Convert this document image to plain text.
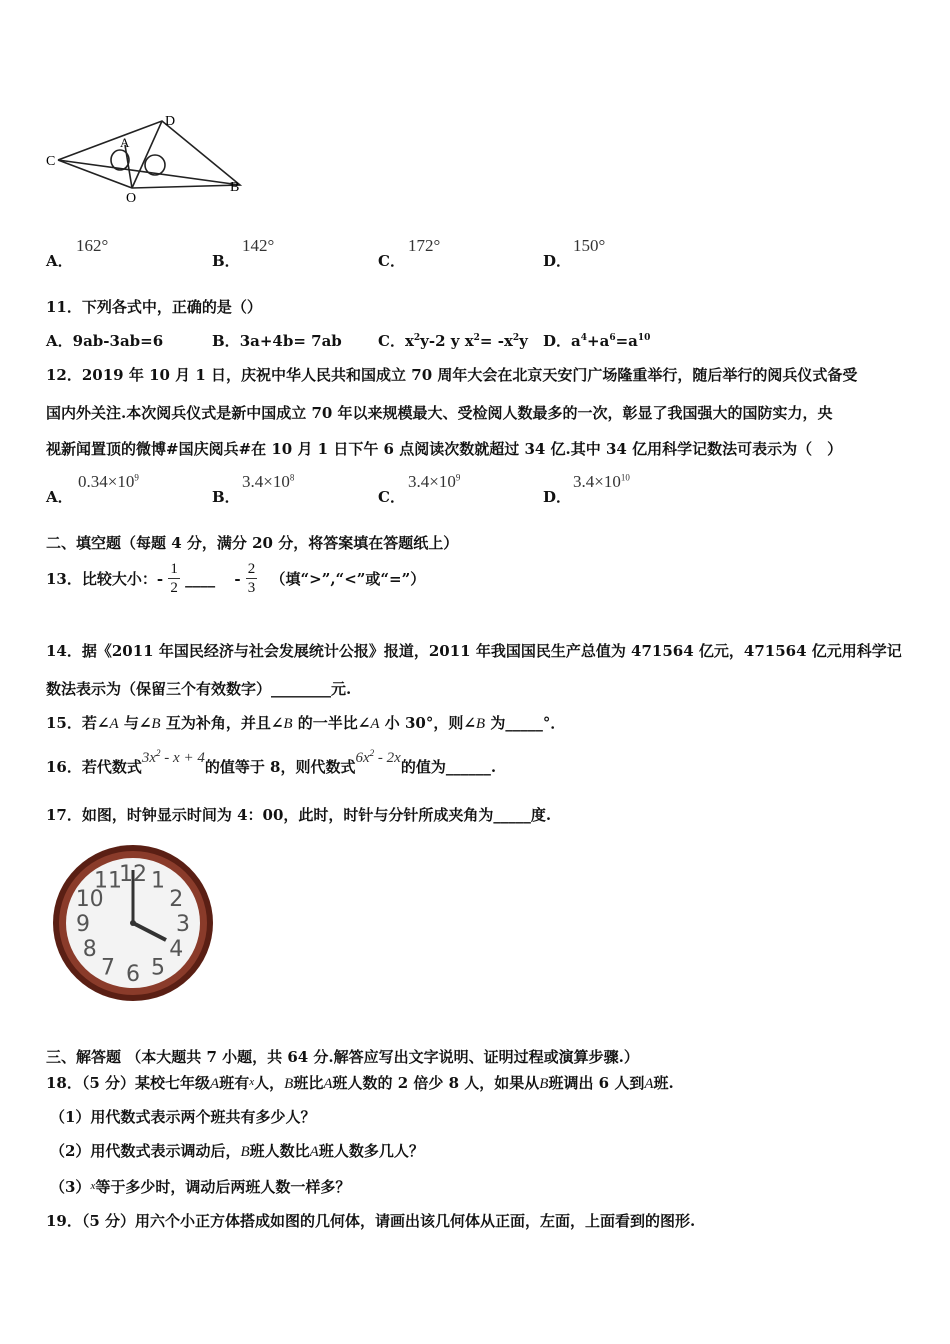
D
A
C
O
B
A．
162°
B．
142°
C．
172°
D．
150°
11．下列各式中，正确的是（）
A．9ab-3ab=6	B．3a+4b= 7ab C．$x^2y-2$ y $x^2= -x^2y$ D．$a^4+a^6=a^{10}$
12．2019 年 10 月 1 日，庆祝中华人民共和国成立 70 周年大会在北京天安门广场隆重举行，随后举行的阅兵仪式备受
国内外关注.本次阅兵仪式是新中国成立 70 年以来规模最大、受检阅人数最多的一次，彰显了我国强大的国防实力，央
视新闻置顶的微博#国庆阅兵#在 10 月 1 日下午 6 点阅读次数就超过 34 亿.其中 34 亿用科学记数法可表示为（　）
A．
$0.34\times 10^9$
B．
$3.4\times 10^8$
C．
$3.4\times 10^9$
D．
$3.4\times 10^{10}$
二、填空题（每题 4 分，满分 20 分，将答案填在答题纸上）
13．比较大小：- $\frac{1}{2}$ ____ - $\frac{2}{3}$ （填“>”,“<”或“=”）
14．据《2011 年国民经济与社会发展统计公报》报道，2011 年我国国民生产总值为 471564 亿元，471564 亿元用科学记
数法表示为（保留三个有效数字）________元.
15．若∠A 与∠B 互为补角，并且∠B 的一半比∠A 小 30°，则∠B 为_____°．
16．若代数式$3x^2 - x + 4$的值等于 8，则代数式$6x^2 - 2x$的值为______.
17．如图，时钟显示时间为 4：00，此时，时针与分针所成夹角为_____度.
12 1
2
3
4
5
6
7
8
9
10
11
三、解答题 （本大题共 7 小题，共 64 分.解答应写出文字说明、证明过程或演算步骤.）
18．（5 分）某校七年级A班有$^x$人，B班比A班人数的 2 倍少 8 人，如果从B班调出 6 人到A班.
（1）用代数式表示两个班共有多少人？
（2）用代数式表示调动后，B班人数比A班人数多几人？
$(3)^x$等于多少时，调动后两班人数一样多？
19．（5 分）用六个小正方体搭成如图的几何体，请画出该几何体从正面，左面，上面看到的图形.
